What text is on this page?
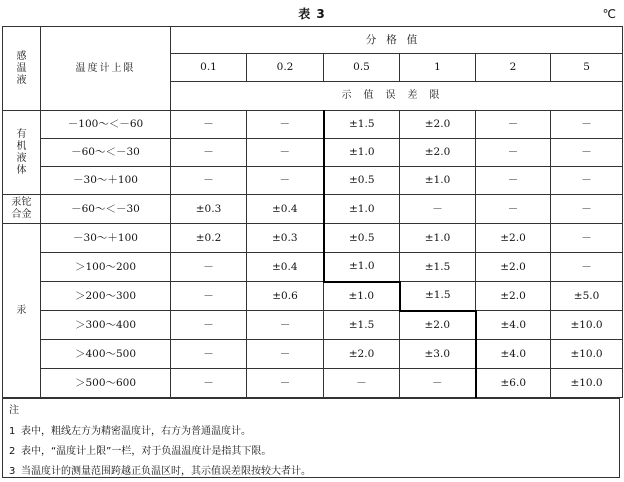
表 3	℃
感温液	温度计上限	分格值					
		0.1	0.2	0.5	1	2	5
		示值误差限					
有机液体	－100～＜－60	－	－	±1.5	±2.0	－	－
	－60～＜－30	－	－	±1.0	±2.0	－	－
	－30～＋100	－	－	±0.5	±1.0	－	－
汞铊合金	－60～＜－30	±0.3	±0.4	±1.0	－	－	－
汞	－30～＋100	±0.2	±0.3	±0.5	±1.0	±2.0	－
	＞100～200	－	±0.4	±1.0	±1.5	±2.0	－
	＞200～300	－	±0.6	±1.0	±1.5	±2.0	±5.0
	＞300～400	－	－	±1.5	±2.0	±4.0	±10.0
	＞400～500	－	－	±2.0	±3.0	±4.0	±10.0
	＞500～600	－	－	－	－	±6.0	±10.0
注
1 表中，粗线左方为精密温度计，右方为普通温度计。
2 表中，“温度计上限”一栏，对于负温温度计是指其下限。
3 当温度计的测量范围跨越正负温区时，其示值误差限按较大者计。
